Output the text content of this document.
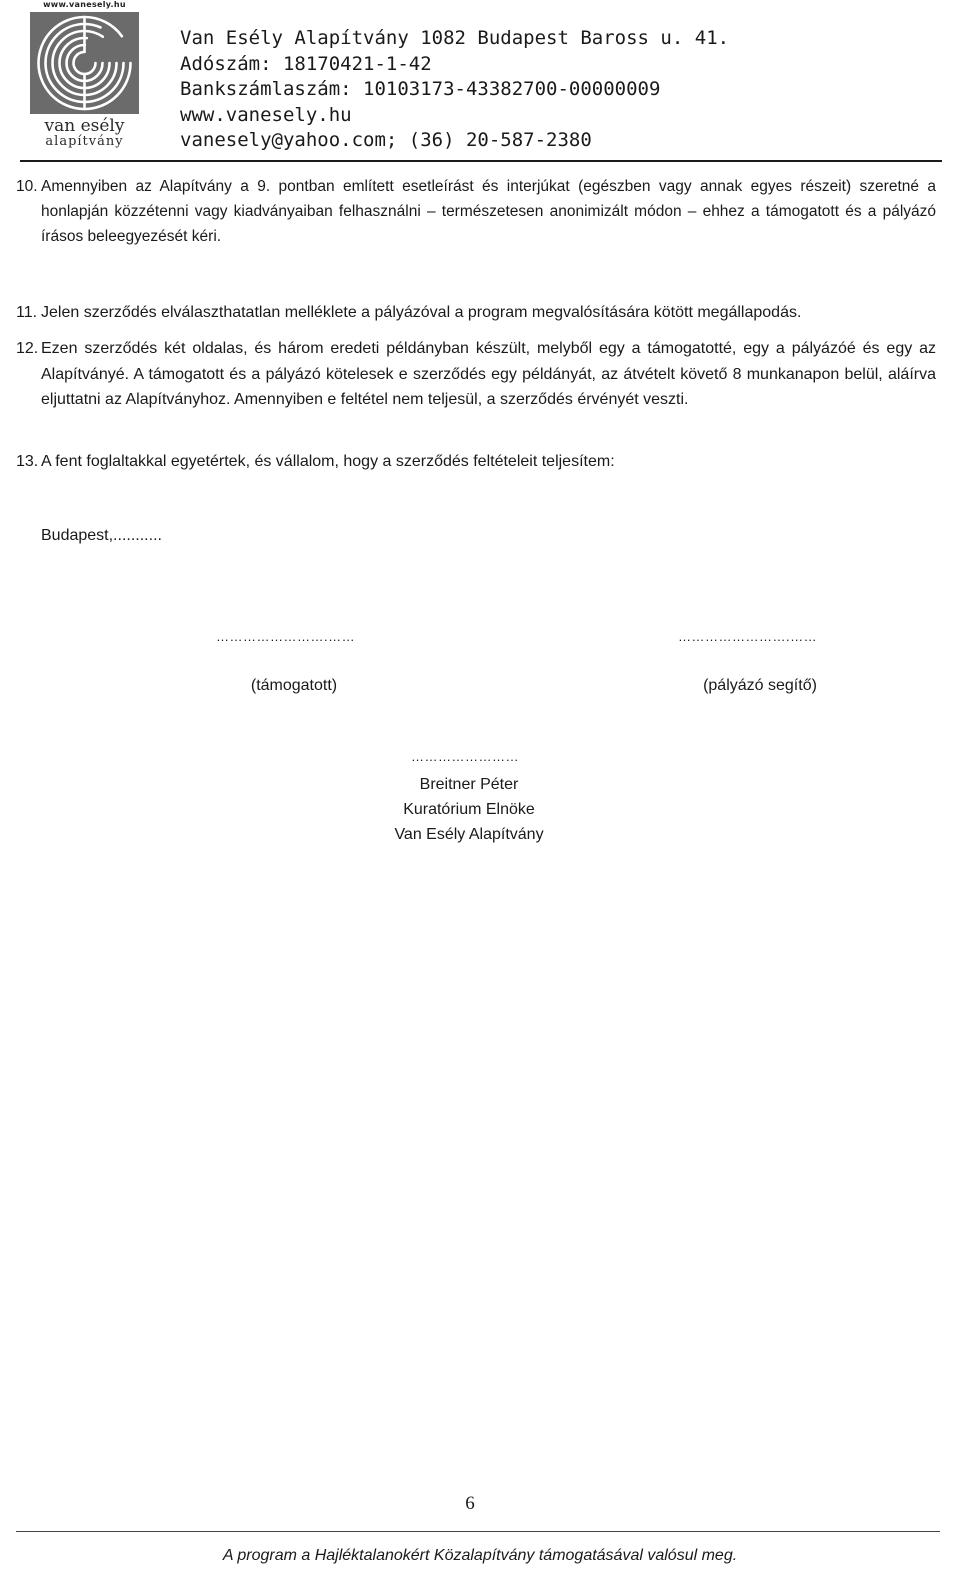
www.vanesely.hu
van esély
alapítvány
Van Esély Alapítvány 1082 Budapest Baross u. 41.
Adószám: 18170421-1-42
Bankszámlaszám: 10103173-43382700-00000009
www.vanesely.hu
vanesely@yahoo.com; (36) 20-587-2380
10. Amennyiben az Alapítvány a 9. pontban említett esetleírást és interjúkat (egészben vagy annak egyes részeit) szeretné a honlapján közzétenni vagy kiadványaiban felhasználni – természetesen anonimizált módon – ehhez a támogatott és a pályázó írásos beleegyezését kéri.
11. Jelen szerződés elválaszthatatlan melléklete a pályázóval a program megvalósítására kötött megállapodás.
12. Ezen szerződés két oldalas, és három eredeti példányban készült, melyből egy a támogatotté, egy a pályázóé és egy az Alapítványé. A támogatott és a pályázó kötelesek e szerződés egy példányát, az átvételt követő 8 munkanapon belül, aláírva eljuttatni az Alapítványhoz. Amennyiben e feltétel nem teljesül, a szerződés érvényét veszti.
13. A fent foglaltakkal egyetértek, és vállalom, hogy a szerződés feltételeit teljesítem:
Budapest,...........
…………………….……
(támogatott)
…………………….……
(pályázó segítő)
……………………
Breitner Péter
Kuratórium Elnöke
Van Esély Alapítvány
6
A program a Hajléktalanokért Közalapítvány támogatásával valósul meg.
